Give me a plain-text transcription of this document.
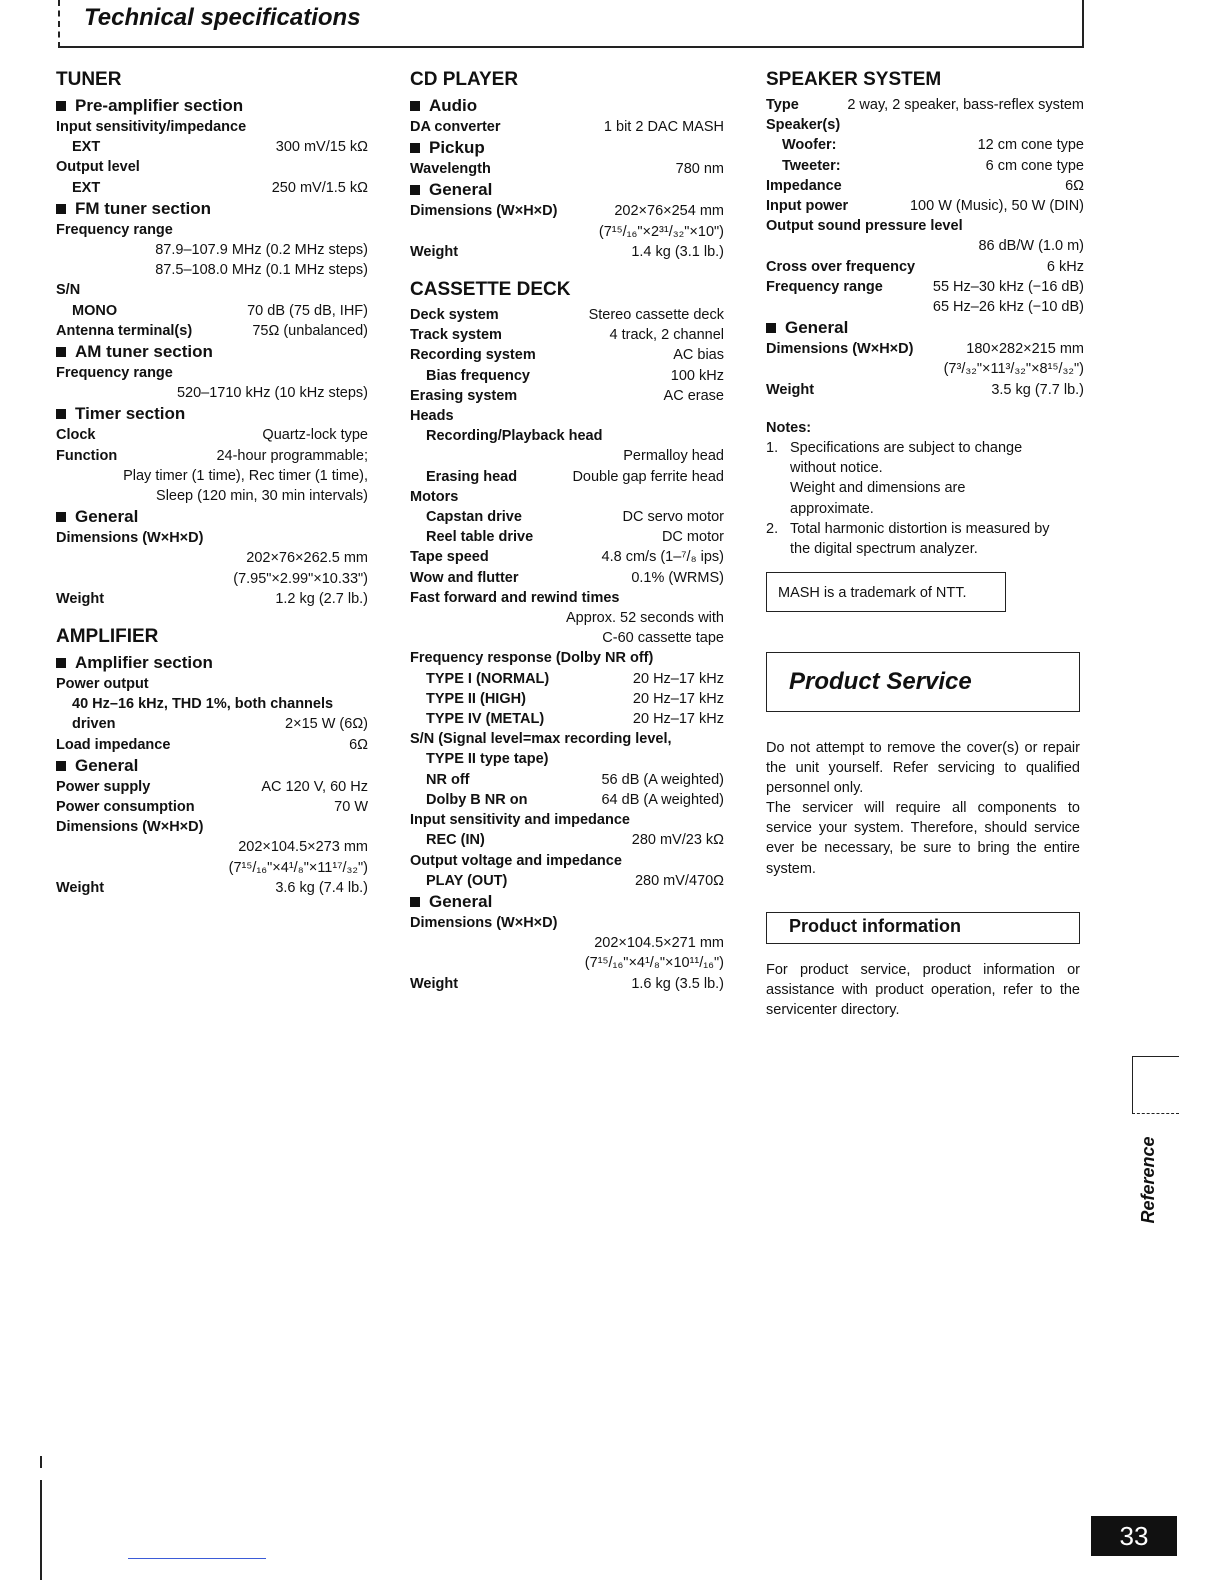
Technical specifications
TUNER
Pre-amplifier section
Input sensitivity/impedance
EXT	300 mV/15 kΩ
Output level
EXT	250 mV/1.5 kΩ
FM tuner section
Frequency range
87.9–107.9 MHz (0.2 MHz steps)
87.5–108.0 MHz (0.1 MHz steps)
S/N
MONO	70 dB (75 dB, IHF)
Antenna terminal(s)	75Ω (unbalanced)
AM tuner section
Frequency range
520–1710 kHz (10 kHz steps)
Timer section
Clock	Quartz-lock type
Function	24-hour programmable;
Play timer (1 time), Rec timer (1 time),
Sleep (120 min, 30 min intervals)
General
Dimensions (W×H×D)
202×76×262.5 mm
(7.95"×2.99"×10.33")
Weight	1.2 kg (2.7 lb.)
AMPLIFIER
Amplifier section
Power output
40 Hz–16 kHz, THD 1%, both channels
driven	2×15 W (6Ω)
Load impedance	6Ω
General
Power supply	AC 120 V, 60 Hz
Power consumption	70 W
Dimensions (W×H×D)
202×104.5×273 mm
(7¹⁵/₁₆"×4¹/₈"×11¹⁷/₃₂")
Weight	3.6 kg (7.4 lb.)
CD PLAYER
Audio
DA converter	1 bit 2 DAC MASH
Pickup
Wavelength	780 nm
General
Dimensions (W×H×D)	202×76×254 mm
(7¹⁵/₁₆"×2³¹/₃₂"×10")
Weight	1.4 kg (3.1 lb.)
CASSETTE DECK
Deck system	Stereo cassette deck
Track system	4 track, 2 channel
Recording system	AC bias
Bias frequency	100 kHz
Erasing system	AC erase
Heads
Recording/Playback head
Permalloy head
Erasing head	Double gap ferrite head
Motors
Capstan drive	DC servo motor
Reel table drive	DC motor
Tape speed	4.8 cm/s (1–⁷/₈ ips)
Wow and flutter	0.1% (WRMS)
Fast forward and rewind times
Approx. 52 seconds with
C-60 cassette tape
Frequency response (Dolby NR off)
TYPE I (NORMAL)	20 Hz–17 kHz
TYPE II (HIGH)	20 Hz–17 kHz
TYPE IV (METAL)	20 Hz–17 kHz
S/N (Signal level=max recording level,
TYPE II type tape)
NR off	56 dB (A weighted)
Dolby B NR on	64 dB (A weighted)
Input sensitivity and impedance
REC (IN)	280 mV/23 kΩ
Output voltage and impedance
PLAY (OUT)	280 mV/470Ω
General
Dimensions (W×H×D)
202×104.5×271 mm
(7¹⁵/₁₆"×4¹/₈"×10¹¹/₁₆")
Weight	1.6 kg (3.5 lb.)
SPEAKER SYSTEM
Type	2 way, 2 speaker, bass-reflex system
Speaker(s)
Woofer:	12 cm cone type
Tweeter:	6 cm cone type
Impedance	6Ω
Input power	100 W (Music), 50 W (DIN)
Output sound pressure level
86 dB/W (1.0 m)
Cross over frequency	6 kHz
Frequency range	55 Hz–30 kHz (−16 dB)
65 Hz–26 kHz (−10 dB)
General
Dimensions (W×H×D)	180×282×215 mm
(7³/₃₂"×11³/₃₂"×8¹⁵/₃₂")
Weight	3.5 kg (7.7 lb.)
Notes:
1. Specifications are subject to change
without notice.
Weight and dimensions are
approximate.
2. Total harmonic distortion is measured by
the digital spectrum analyzer.
MASH is a trademark of NTT.
Product Service
Do not attempt to remove the cover(s) or repair the unit yourself. Refer servicing to qualified personnel only.
The servicer will require all components to service your system. Therefore, should service ever be necessary, be sure to bring the entire system.
Product information
For product service, product information or assistance with product operation, refer to the servicenter directory.
Reference
33
